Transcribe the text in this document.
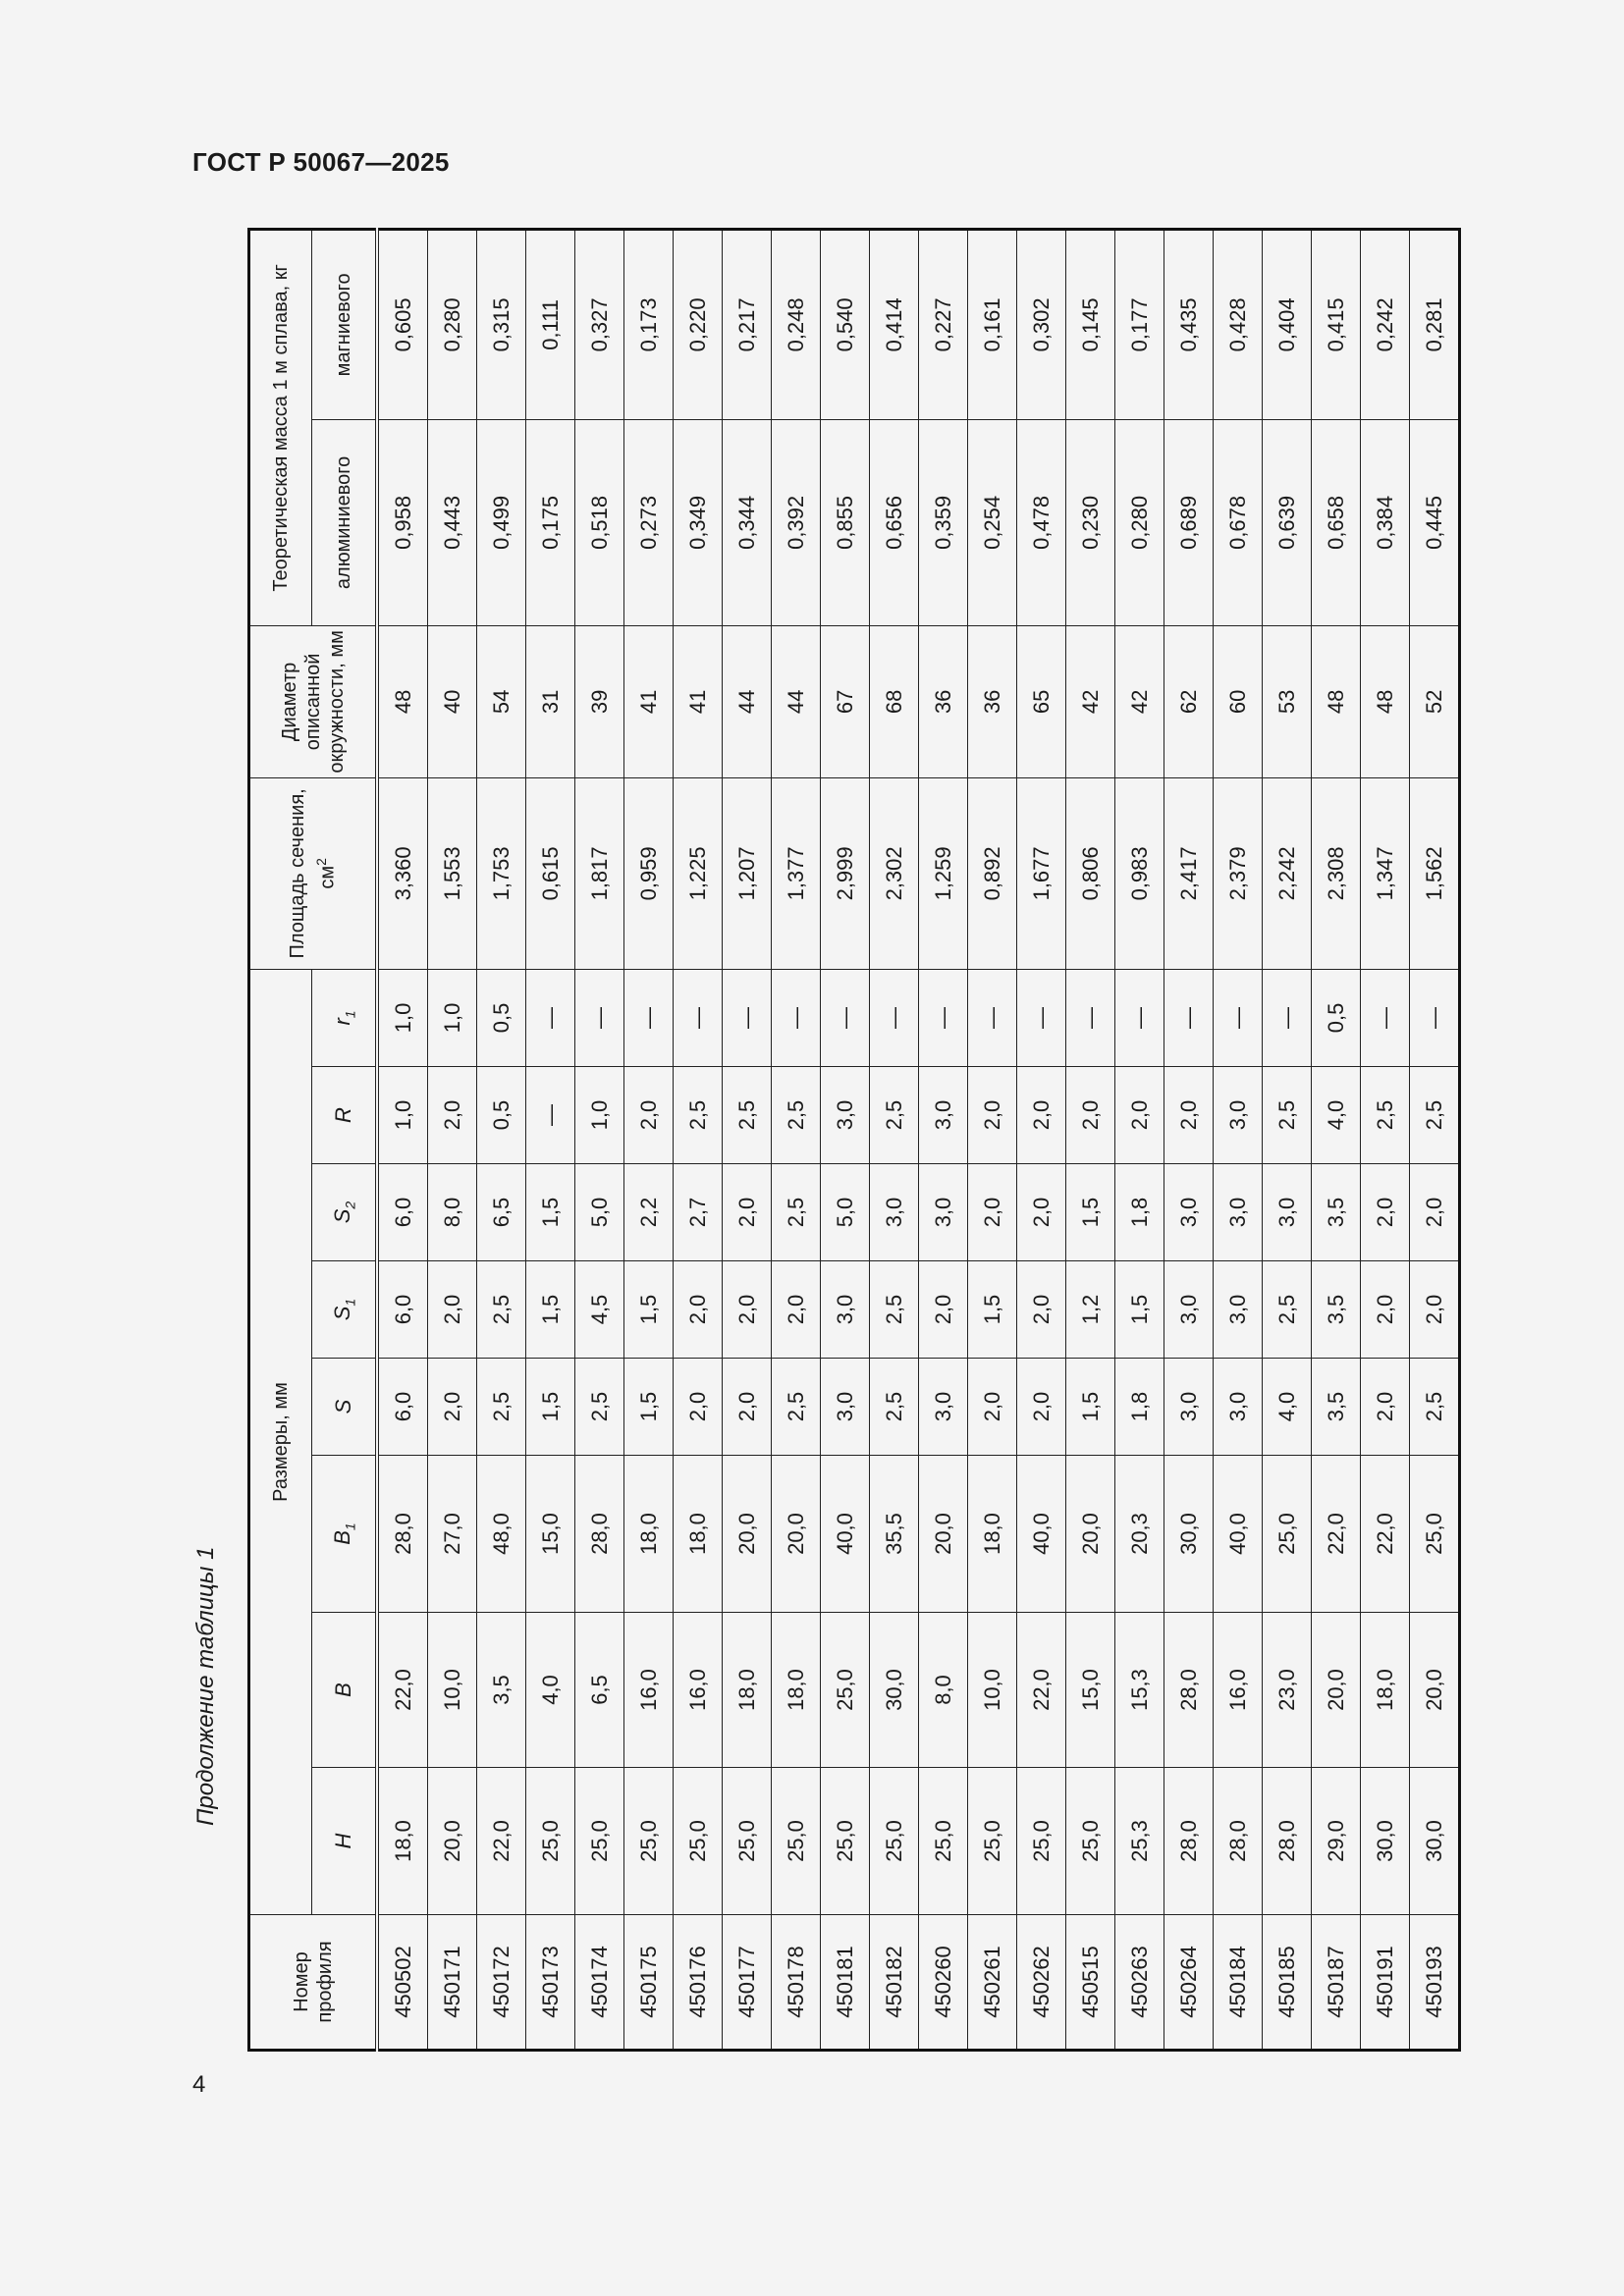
ГОСТ Р 50067—2025
4
Продолжение таблицы 1
Номер профиля	Размеры, мм								Площадь сечения, $см^2$	Диаметр описанной окружности, мм	Теоретическая масса 1 м сплава, кг	
	H	B	$B_1$	S	$S_1$	$S_2$	R	$r_1$			алюминиевого	магниевого
450502	18,0	22,0	28,0	6,0	6,0	6,0	1,0	1,0	3,360	48	0,958	0,605
450171	20,0	10,0	27,0	2,0	2,0	8,0	2,0	1,0	1,553	40	0,443	0,280
450172	22,0	3,5	48,0	2,5	2,5	6,5	0,5	0,5	1,753	54	0,499	0,315
450173	25,0	4,0	15,0	1,5	1,5	1,5	—	—	0,615	31	0,175	0,111
450174	25,0	6,5	28,0	2,5	4,5	5,0	1,0	—	1,817	39	0,518	0,327
450175	25,0	16,0	18,0	1,5	1,5	2,2	2,0	—	0,959	41	0,273	0,173
450176	25,0	16,0	18,0	2,0	2,0	2,7	2,5	—	1,225	41	0,349	0,220
450177	25,0	18,0	20,0	2,0	2,0	2,0	2,5	—	1,207	44	0,344	0,217
450178	25,0	18,0	20,0	2,5	2,0	2,5	2,5	—	1,377	44	0,392	0,248
450181	25,0	25,0	40,0	3,0	3,0	5,0	3,0	—	2,999	67	0,855	0,540
450182	25,0	30,0	35,5	2,5	2,5	3,0	2,5	—	2,302	68	0,656	0,414
450260	25,0	8,0	20,0	3,0	2,0	3,0	3,0	—	1,259	36	0,359	0,227
450261	25,0	10,0	18,0	2,0	1,5	2,0	2,0	—	0,892	36	0,254	0,161
450262	25,0	22,0	40,0	2,0	2,0	2,0	2,0	—	1,677	65	0,478	0,302
450515	25,0	15,0	20,0	1,5	1,2	1,5	2,0	—	0,806	42	0,230	0,145
450263	25,3	15,3	20,3	1,8	1,5	1,8	2,0	—	0,983	42	0,280	0,177
450264	28,0	28,0	30,0	3,0	3,0	3,0	2,0	—	2,417	62	0,689	0,435
450184	28,0	16,0	40,0	3,0	3,0	3,0	3,0	—	2,379	60	0,678	0,428
450185	28,0	23,0	25,0	4,0	2,5	3,0	2,5	—	2,242	53	0,639	0,404
450187	29,0	20,0	22,0	3,5	3,5	3,5	4,0	0,5	2,308	48	0,658	0,415
450191	30,0	18,0	22,0	2,0	2,0	2,0	2,5	—	1,347	48	0,384	0,242
450193	30,0	20,0	25,0	2,5	2,0	2,0	2,5	—	1,562	52	0,445	0,281
